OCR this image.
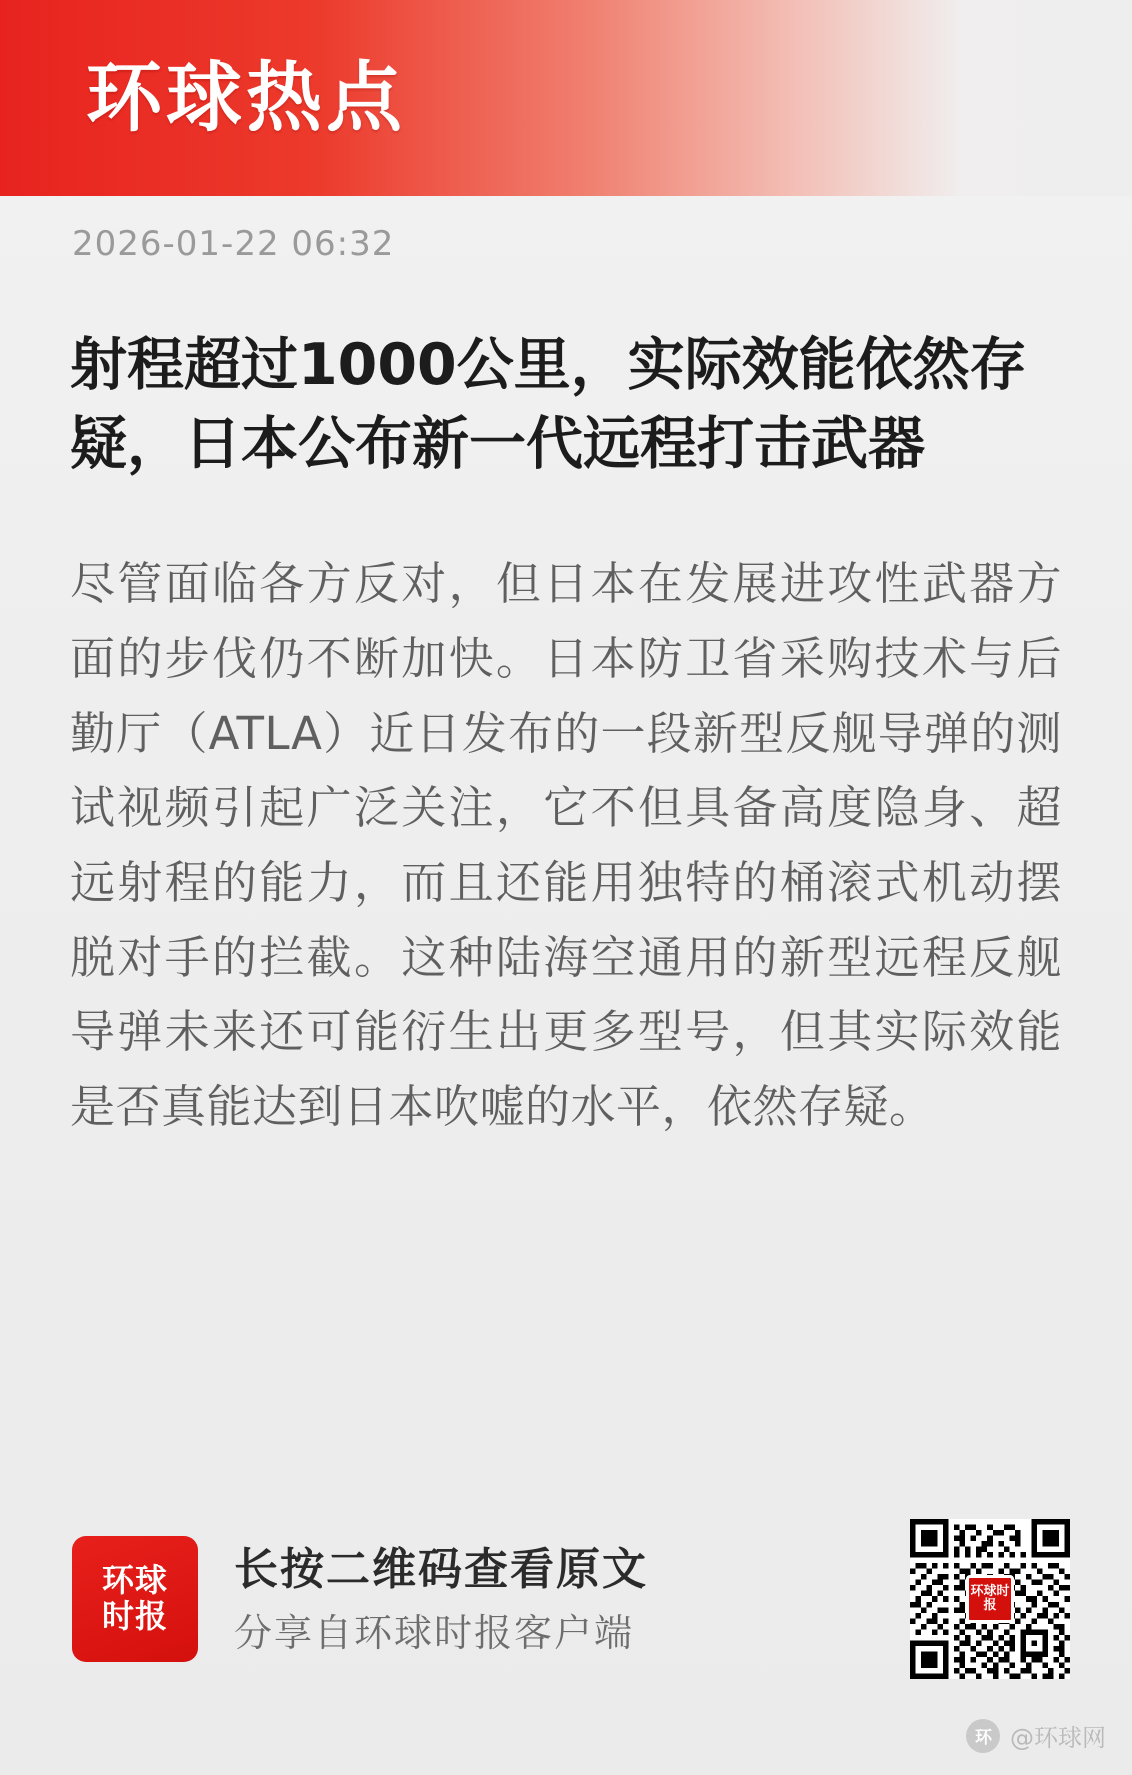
环球热点
2026-01-22 06:32
射程超过1000公里，实际效能依然存疑，日本公布新一代远程打击武器

尽管面临各方反对，但日本在发展进攻性武器方面的步伐仍不断加快。日本防卫省采购技术与后勤厅（ATLA）近日发布的一段新型反舰导弹的测试视频引起广泛关注，它不但具备高度隐身、超远射程的能力，而且还能用独特的桶滚式机动摆脱对手的拦截。这种陆海空通用的新型远程反舰导弹未来还可能衍生出更多型号，但其实际效能是否真能达到日本吹嘘的水平，依然存疑。

环球时报
长按二维码查看原文
分享自环球时报客户端
环球时报
环 @环球网
